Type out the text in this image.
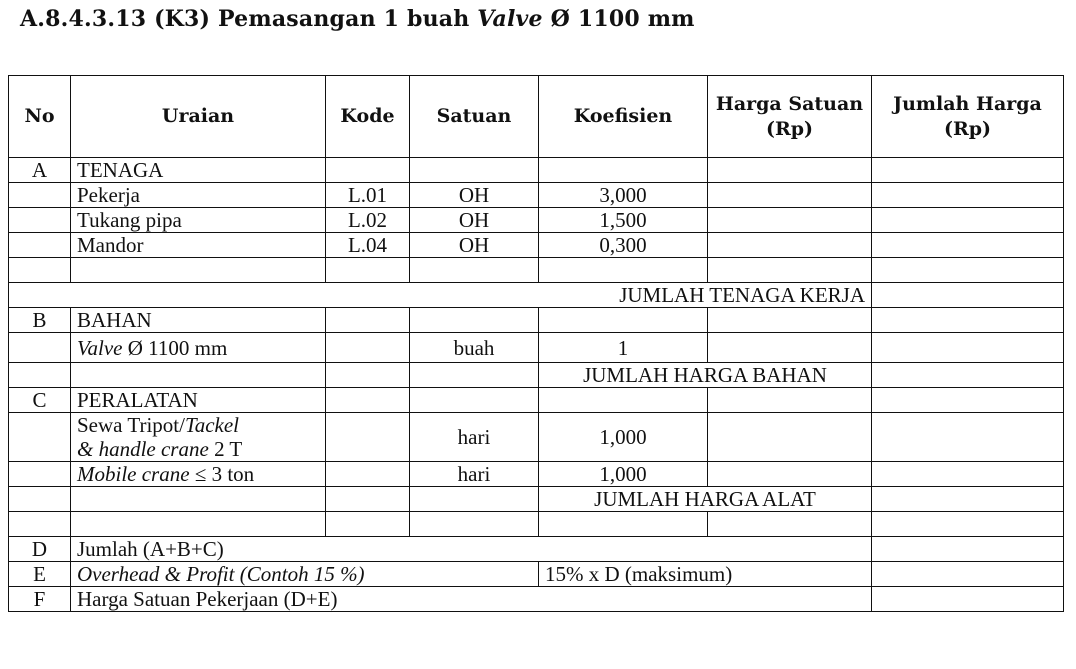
A.8.4.3.13 (K3) Pemasangan 1 buah Valve Ø 1100 mm
No	Uraian	Kode	Satuan	Koefisien	Harga Satuan (Rp)	Jumlah Harga (Rp)
A	TENAGA					
	Pekerja	L.01	OH	3,000		
	Tukang pipa	L.02	OH	1,500		
	Mandor	L.04	OH	0,300		

JUMLAH TENAGA KERJA						
B	BAHAN					
	Valve Ø 1100 mm		buah	1		
				JUMLAH HARGA BAHAN		
C	PERALATAN					
	Sewa Tripot/Tackel
& handle crane 2 T		hari	1,000		
	Mobile crane ≤ 3 ton		hari	1,000		
				JUMLAH HARGA ALAT		

D	Jumlah (A+B+C)					
E	Overhead & Profit (Contoh 15 %)			15% x D (maksimum)		
F	Harga Satuan Pekerjaan (D+E)					
